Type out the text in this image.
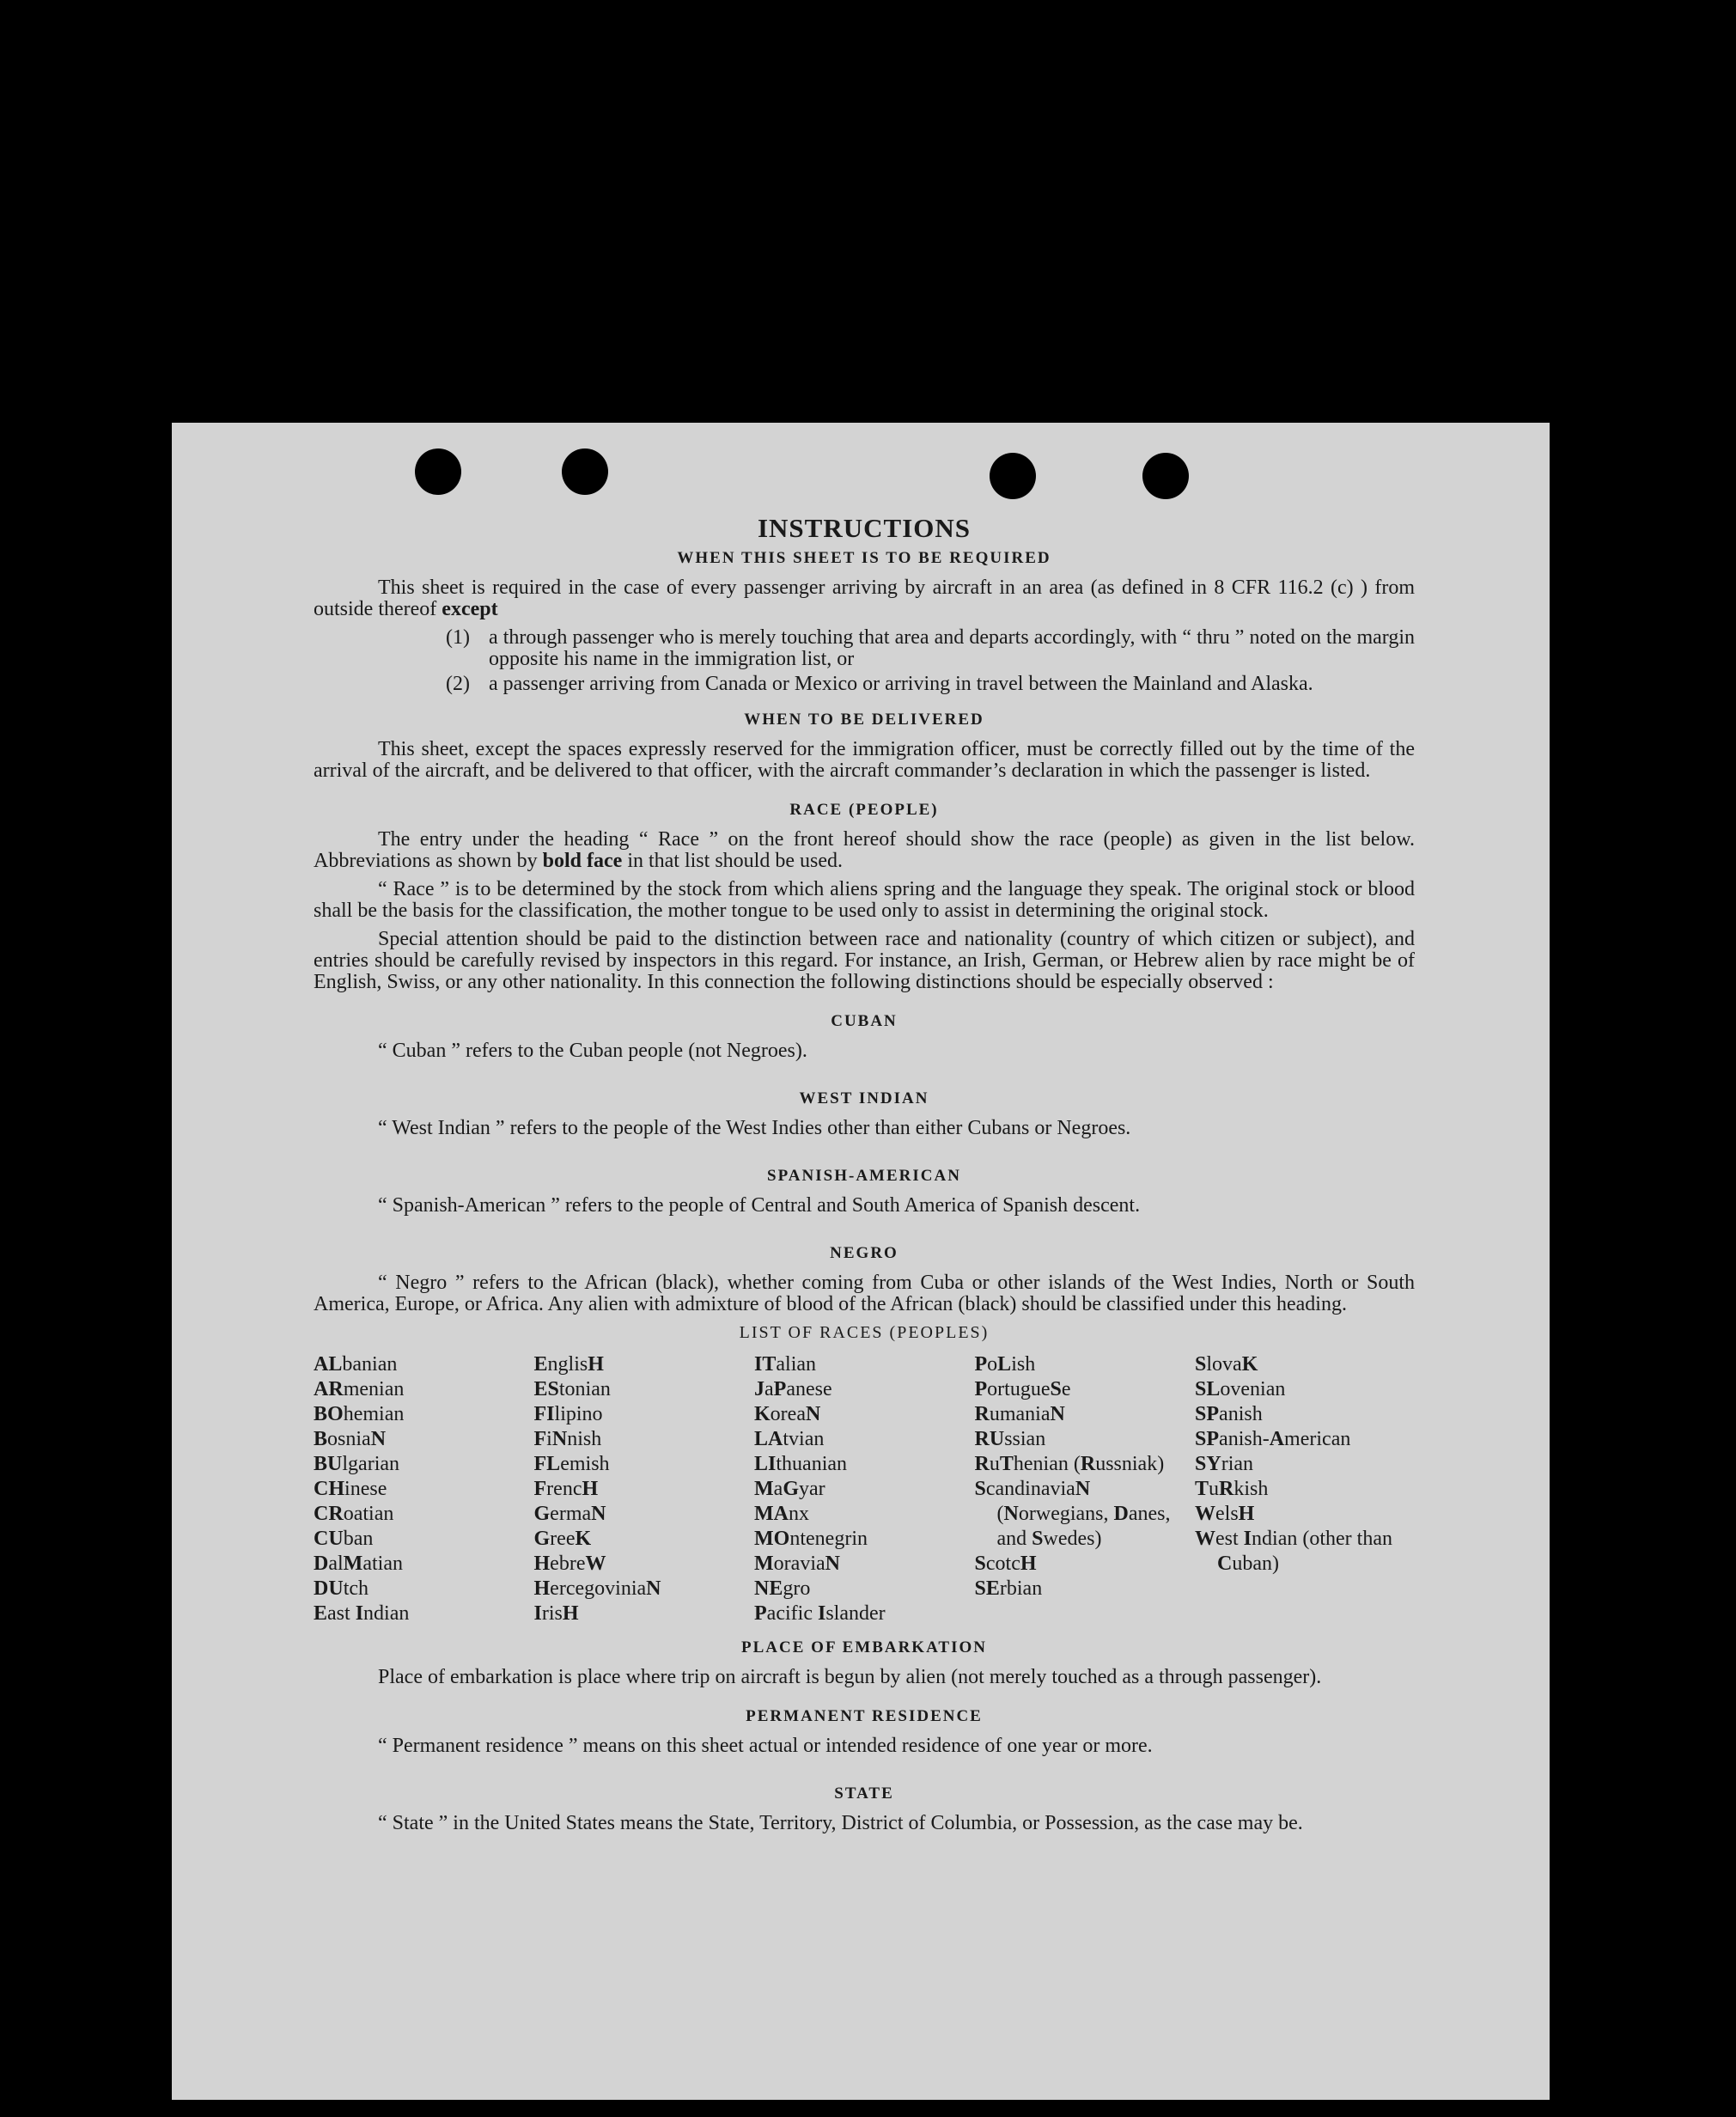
INSTRUCTIONS
WHEN THIS SHEET IS TO BE REQUIRED

This sheet is required in the case of every passenger arriving by aircraft in an area (as defined in 8 CFR 116.2 (c) ) from outside thereof except

(1) a through passenger who is merely touching that area and departs accordingly, with “ thru ” noted on the margin opposite his name in the immigration list, or
(2) a passenger arriving from Canada or Mexico or arriving in travel between the Mainland and Alaska.
WHEN TO BE DELIVERED

This sheet, except the spaces expressly reserved for the immigration officer, must be correctly filled out by the time of the arrival of the aircraft, and be delivered to that officer, with the aircraft commander’s declaration in which the passenger is listed.

RACE (PEOPLE)

The entry under the heading “ Race ” on the front hereof should show the race (people) as given in the list below. Abbreviations as shown by bold face in that list should be used.

“ Race ” is to be determined by the stock from which aliens spring and the language they speak. The original stock or blood shall be the basis for the classification, the mother tongue to be used only to assist in determining the original stock.

Special attention should be paid to the distinction between race and nationality (country of which citizen or subject), and entries should be carefully revised by inspectors in this regard. For instance, an Irish, German, or Hebrew alien by race might be of English, Swiss, or any other nationality. In this connection the following distinctions should be especially observed :

CUBAN

“ Cuban ” refers to the Cuban people (not Negroes).

WEST INDIAN

“ West Indian ” refers to the people of the West Indies other than either Cubans or Negroes.

SPANISH-AMERICAN

“ Spanish-American ” refers to the people of Central and South America of Spanish descent.

NEGRO

“ Negro ” refers to the African (black), whether coming from Cuba or other islands of the West Indies, North or South America, Europe, or Africa. Any alien with admixture of blood of the African (black) should be classified under this heading.

LIST OF RACES (PEOPLES)
ALbanian
ARmenian
BOhemian
BosniaN
BUlgarian
CHinese
CRoatian
CUban
DalMatian
DUtch
East Indian
EnglisH
EStonian
FIlipino
FiNnish
FLemish
FrencH
GermaN
GreeK
HebreW
HercegoviniaN
IrisH
ITalian
JaPanese
KoreaN
LAtvian
LIthuanian
MaGyar
MAnx
MOntenegrin
MoraviaN
NEgro
Pacific Islander
PoLish
PortugueSe
RumaniaN
RUssian
RuThenian (Russniak)
ScandinaviaN (Norwegians, Danes, and Swedes)
ScotcH
SErbian
SlovaK
SLovenian
SPanish
SPanish-American
SYrian
TuRkish
WelsH
West Indian (other than Cuban)
PLACE OF EMBARKATION

Place of embarkation is place where trip on aircraft is begun by alien (not merely touched as a through passenger).

PERMANENT RESIDENCE

“ Permanent residence ” means on this sheet actual or intended residence of one year or more.

STATE

“ State ” in the United States means the State, Territory, District of Columbia, or Possession, as the case may be.
